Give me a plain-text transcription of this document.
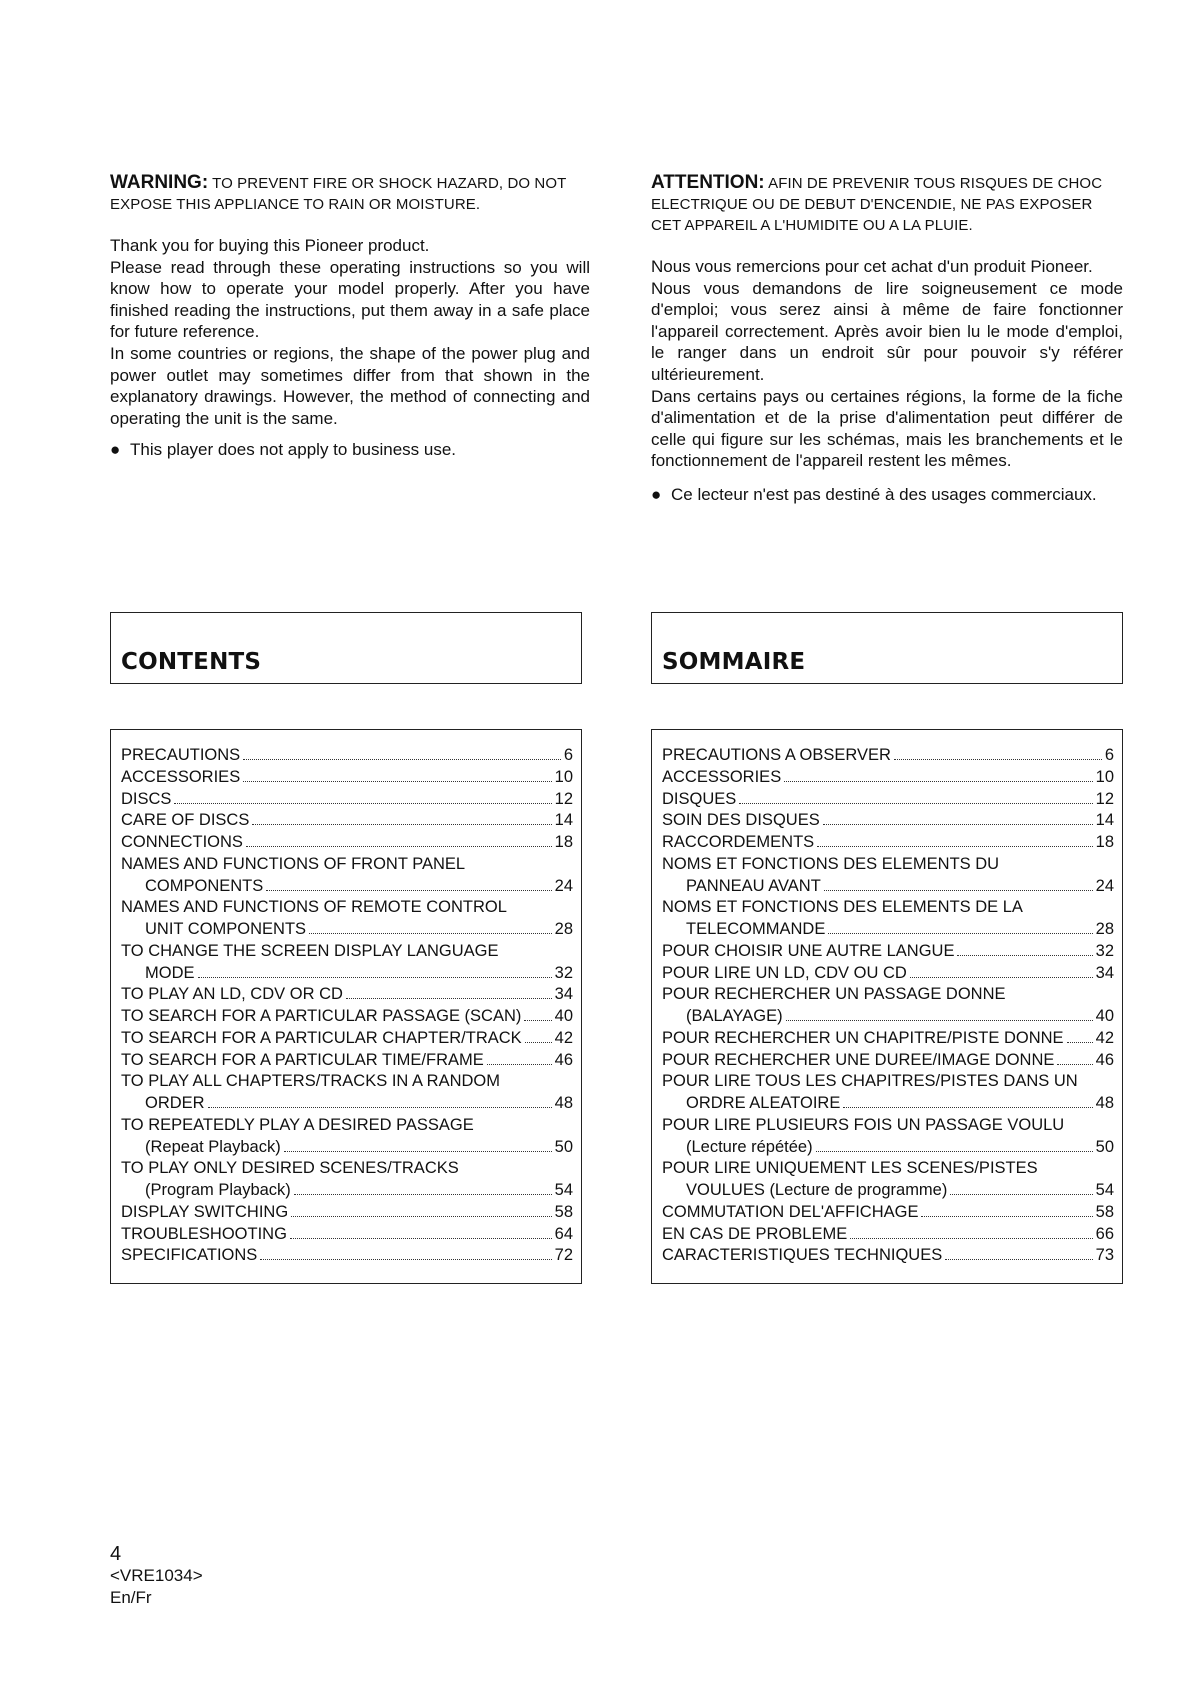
WARNING: TO PREVENT FIRE OR SHOCK HAZARD, DO NOT EXPOSE THIS APPLIANCE TO RAIN OR MOISTURE.

Thank you for buying this Pioneer product.

Please read through these operating instructions so you will know how to operate your model properly. After you have finished reading the instructions, put them away in a safe place for future reference.

In some countries or regions, the shape of the power plug and power outlet may sometimes differ from that shown in the explanatory drawings. However, the method of connecting and operating the unit is the same.

● This player does not apply to business use.

ATTENTION: AFIN DE PREVENIR TOUS RISQUES DE CHOC ELECTRIQUE OU DE DEBUT D'ENCENDIE, NE PAS EXPOSER CET APPAREIL A L'HUMIDITE OU A LA PLUIE.

Nous vous remercions pour cet achat d'un produit Pioneer.

Nous vous demandons de lire soigneusement ce mode d'emploi; vous serez ainsi à même de faire fonctionner l'appareil correctement. Après avoir bien lu le mode d'emploi, le ranger dans un endroit sûr pour pouvoir s'y référer ultérieurement.

Dans certains pays ou certaines régions, la forme de la fiche d'alimentation et de la prise d'alimentation peut différer de celle qui figure sur les schémas, mais les branchements et le fonctionnement de l'appareil restent les mêmes.

● Ce lecteur n'est pas destiné à des usages commerciaux.

CONTENTS	SOMMAIRE
PRECAUTIONS	6
ACCESSORIES	10
DISCS	12
CARE OF DISCS	14
CONNECTIONS	18
NAMES AND FUNCTIONS OF FRONT PANEL
COMPONENTS	24
NAMES AND FUNCTIONS OF REMOTE CONTROL
UNIT COMPONENTS	28
TO CHANGE THE SCREEN DISPLAY LANGUAGE
MODE	32
TO PLAY AN LD, CDV OR CD	34
TO SEARCH FOR A PARTICULAR PASSAGE (SCAN) 40
TO SEARCH FOR A PARTICULAR CHAPTER/TRACK 42
TO SEARCH FOR A PARTICULAR TIME/FRAME	46
TO PLAY ALL CHAPTERS/TRACKS IN A RANDOM
ORDER	48
TO REPEATEDLY PLAY A DESIRED PASSAGE
(Repeat Playback)	50
TO PLAY ONLY DESIRED SCENES/TRACKS
(Program Playback)	54
DISPLAY SWITCHING	58
TROUBLESHOOTING	64
SPECIFICATIONS	72
PRECAUTIONS A OBSERVER	6
ACCESSORIES	10
DISQUES	12
SOIN DES DISQUES	14
RACCORDEMENTS	18
NOMS ET FONCTIONS DES ELEMENTS DU
PANNEAU AVANT	24
NOMS ET FONCTIONS DES ELEMENTS DE LA
TELECOMMANDE	28
POUR CHOISIR UNE AUTRE LANGUE	32
POUR LIRE UN LD, CDV OU CD	34
POUR RECHERCHER UN PASSAGE DONNE
(BALAYAGE)	40
POUR RECHERCHER UN CHAPITRE/PISTE DONNE 42
POUR RECHERCHER UNE DUREE/IMAGE DONNE	46
POUR LIRE TOUS LES CHAPITRES/PISTES DANS UN
ORDRE ALEATOIRE	48
POUR LIRE PLUSIEURS FOIS UN PASSAGE VOULU
(Lecture répétée)	50
POUR LIRE UNIQUEMENT LES SCENES/PISTES
VOULUES (Lecture de programme)	54
COMMUTATION DEL'AFFICHAGE	58
EN CAS DE PROBLEME	66
CARACTERISTIQUES TECHNIQUES	73
4
<VRE1034>
En/Fr
